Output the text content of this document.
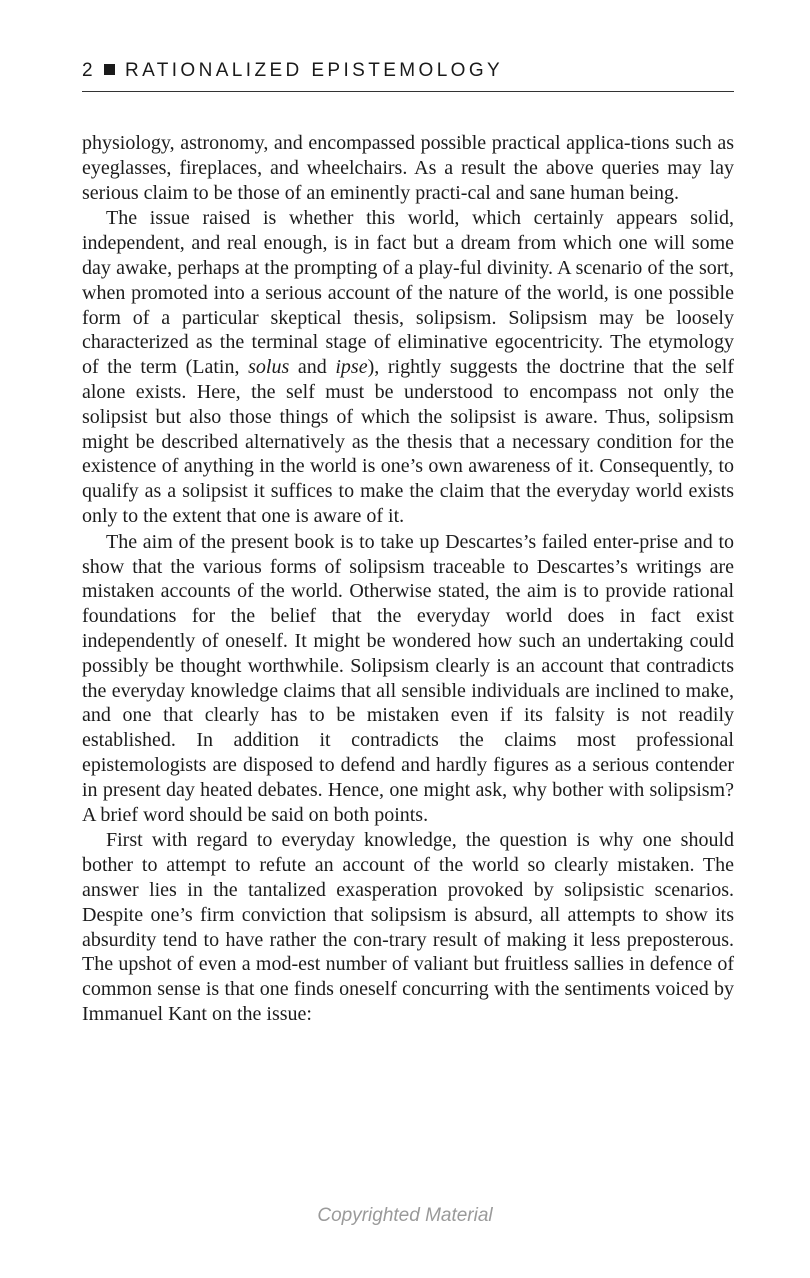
2 RATIONALIZED EPISTEMOLOGY

physiology, astronomy, and encompassed possible practical applica-tions such as eyeglasses, fireplaces, and wheelchairs. As a result the above queries may lay serious claim to be those of an eminently practi-cal and sane human being.

The issue raised is whether this world, which certainly appears solid, independent, and real enough, is in fact but a dream from which one will some day awake, perhaps at the prompting of a play-ful divinity. A scenario of the sort, when promoted into a serious account of the nature of the world, is one possible form of a particular skeptical thesis, solipsism. Solipsism may be loosely characterized as the terminal stage of eliminative egocentricity. The etymology of the term (Latin, solus and ipse), rightly suggests the doctrine that the self alone exists. Here, the self must be understood to encompass not only the solipsist but also those things of which the solipsist is aware. Thus, solipsism might be described alternatively as the thesis that a necessary condition for the existence of anything in the world is one’s own awareness of it. Consequently, to qualify as a solipsist it suffices to make the claim that the everyday world exists only to the extent that one is aware of it.

The aim of the present book is to take up Descartes’s failed enter-prise and to show that the various forms of solipsism traceable to Descartes’s writings are mistaken accounts of the world. Otherwise stated, the aim is to provide rational foundations for the belief that the everyday world does in fact exist independently of oneself. It might be wondered how such an undertaking could possibly be thought worthwhile. Solipsism clearly is an account that contradicts the everyday knowledge claims that all sensible individuals are inclined to make, and one that clearly has to be mistaken even if its falsity is not readily established. In addition it contradicts the claims most professional epistemologists are disposed to defend and hardly figures as a serious contender in present day heated debates. Hence, one might ask, why bother with solipsism? A brief word should be said on both points.

First with regard to everyday knowledge, the question is why one should bother to attempt to refute an account of the world so clearly mistaken. The answer lies in the tantalized exasperation provoked by solipsistic scenarios. Despite one’s firm conviction that solipsism is absurd, all attempts to show its absurdity tend to have rather the con-trary result of making it less preposterous. The upshot of even a mod-est number of valiant but fruitless sallies in defence of common sense is that one finds oneself concurring with the sentiments voiced by Immanuel Kant on the issue:

Copyrighted Material
